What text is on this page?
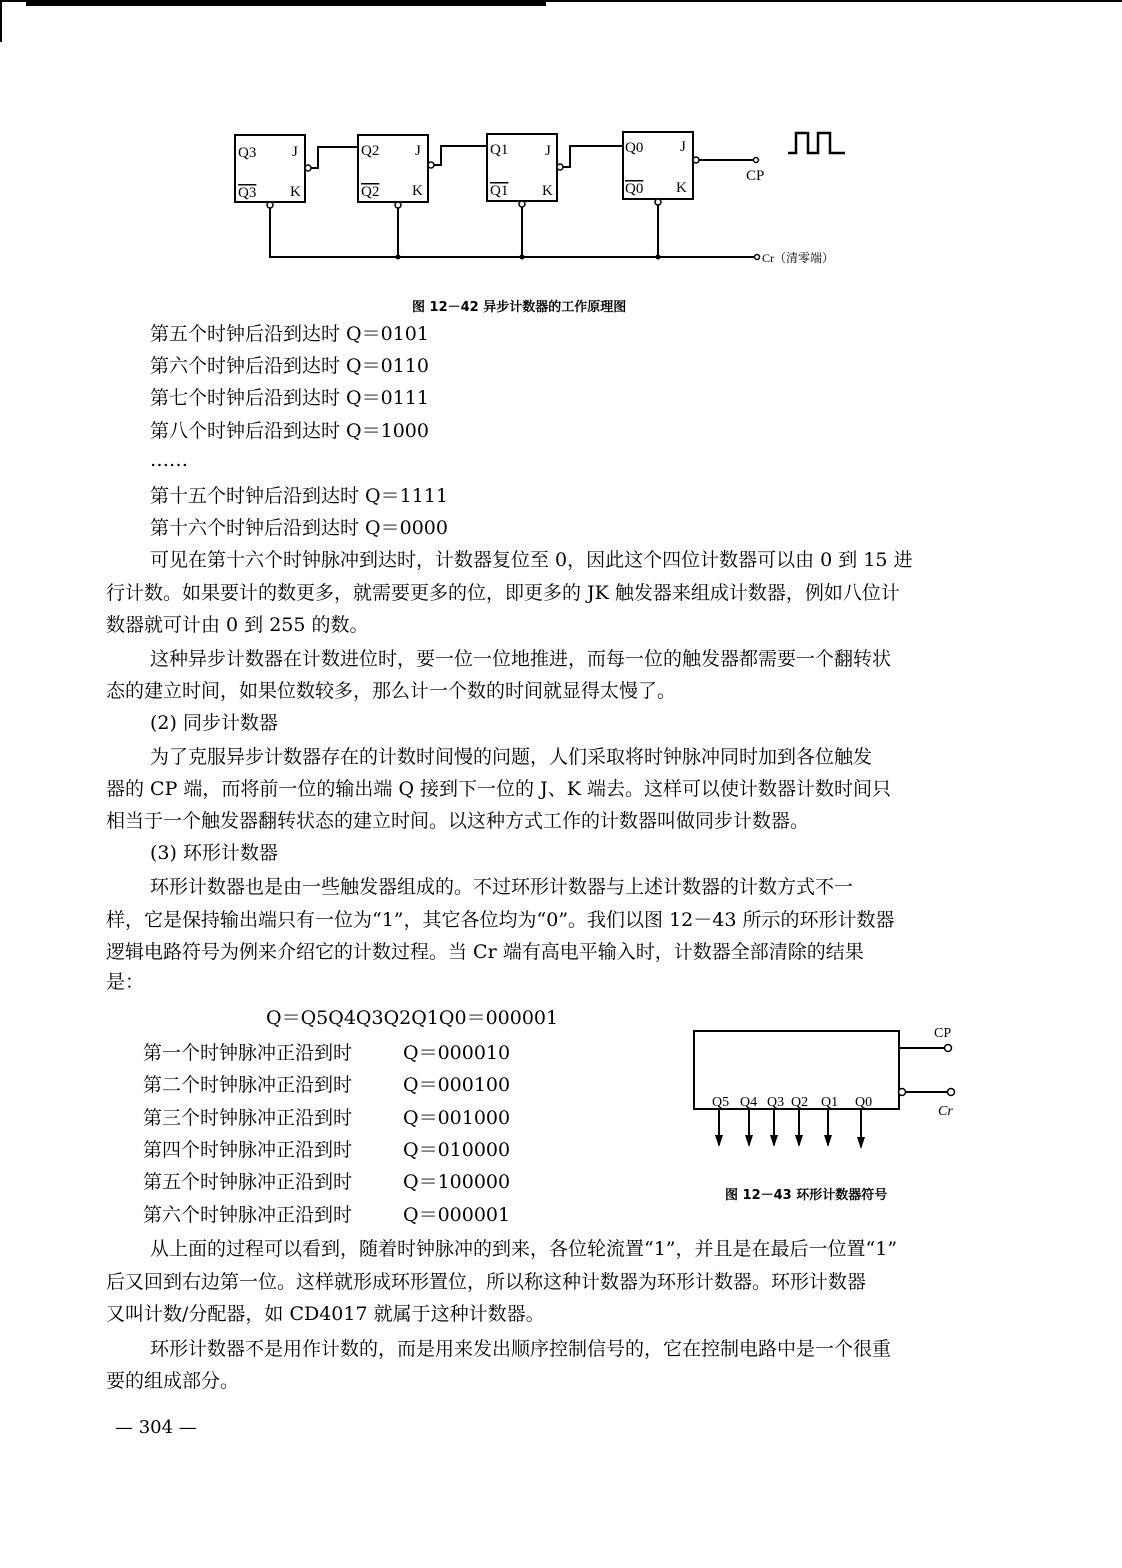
Q3
Q3
J
K
Q2
Q2
J
K
Q1
Q1
J
K
Q0
Q0
J
K
CP
Cr（清零端）
图 12－42 异步计数器的工作原理图
第五个时钟后沿到达时 Q＝0101
第六个时钟后沿到达时 Q＝0110
第七个时钟后沿到达时 Q＝0111
第八个时钟后沿到达时 Q＝1000
……
第十五个时钟后沿到达时 Q＝1111
第十六个时钟后沿到达时 Q＝0000
可见在第十六个时钟脉冲到达时，计数器复位至 0，因此这个四位计数器可以由 0 到 15 进
行计数。如果要计的数更多，就需要更多的位，即更多的 JK 触发器来组成计数器，例如八位计
数器就可计由 0 到 255 的数。
这种异步计数器在计数进位时，要一位一位地推进，而每一位的触发器都需要一个翻转状
态的建立时间，如果位数较多，那么计一个数的时间就显得太慢了。
(2) 同步计数器
为了克服异步计数器存在的计数时间慢的问题，人们采取将时钟脉冲同时加到各位触发
器的 CP 端，而将前一位的输出端 Q 接到下一位的 J、K 端去。这样可以使计数器计数时间只
相当于一个触发器翻转状态的建立时间。以这种方式工作的计数器叫做同步计数器。
(3) 环形计数器
环形计数器也是由一些触发器组成的。不过环形计数器与上述计数器的计数方式不一
样，它是保持输出端只有一位为“1”，其它各位均为“0”。我们以图 12－43 所示的环形计数器
逻辑电路符号为例来介绍它的计数过程。当 Cr 端有高电平输入时，计数器全部清除的结果
是：
Q＝Q5Q4Q3Q2Q1Q0＝000001
第一个时钟脉冲正沿到时	Q＝000010
第二个时钟脉冲正沿到时	Q＝000100
第三个时钟脉冲正沿到时	Q＝001000
第四个时钟脉冲正沿到时	Q＝010000
第五个时钟脉冲正沿到时	Q＝100000
第六个时钟脉冲正沿到时	Q＝000001
Q5 Q4 Q3 Q2 Q1 Q0
CP
Cr
图 12－43 环形计数器符号
从上面的过程可以看到，随着时钟脉冲的到来，各位轮流置“1”，并且是在最后一位置“1”
后又回到右边第一位。这样就形成环形置位，所以称这种计数器为环形计数器。环形计数器
又叫计数/分配器，如 CD4017 就属于这种计数器。
环形计数器不是用作计数的，而是用来发出顺序控制信号的，它在控制电路中是一个很重
要的组成部分。
— 304 —
